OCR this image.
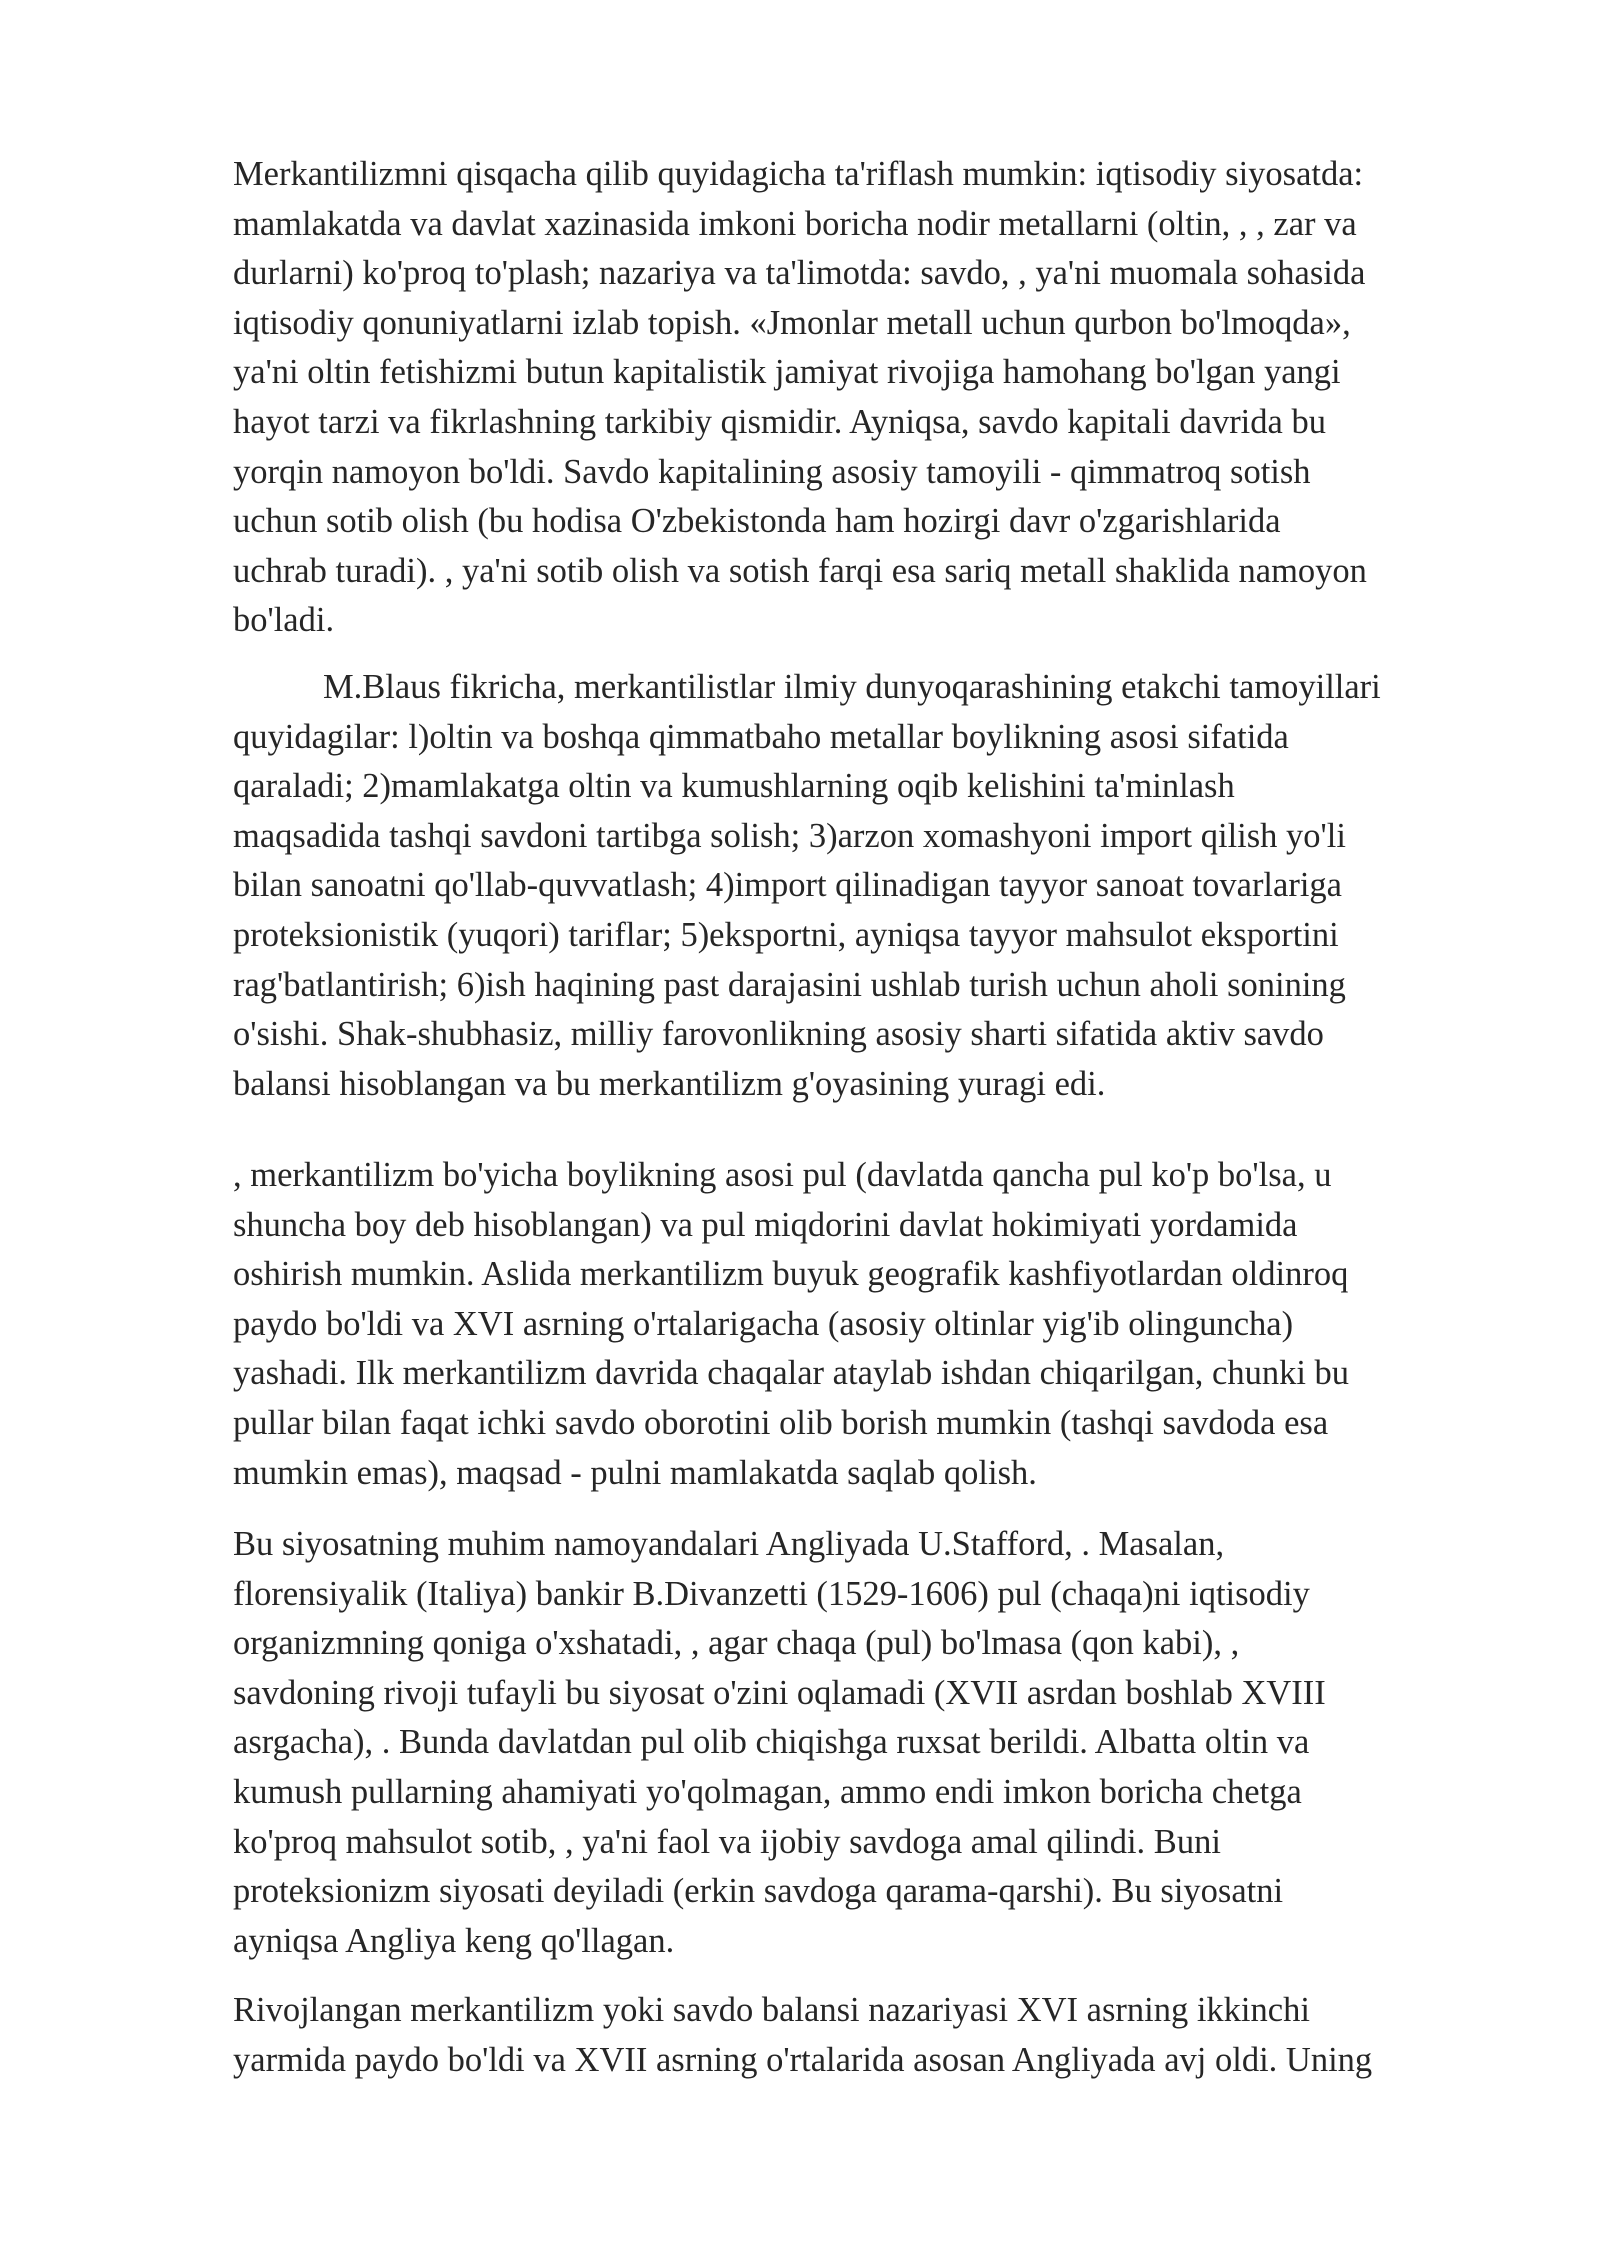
Merkantilizmni qisqacha qilib quyidagicha ta'riflash mumkin: iqtisodiy siyosatda:
mamlakatda va davlat xazinasida imkoni boricha nodir metallarni (oltin, , , zar va
durlarni) ko'proq to'plash; nazariya va ta'limotda: savdo, , ya'ni muomala sohasida
iqtisodiy qonuniyatlarni izlab topish. «Jmonlar metall uchun qurbon bo'lmoqda»,
ya'ni oltin fetishizmi butun kapitalistik jamiyat rivojiga hamohang bo'lgan yangi
hayot tarzi va fikrlashning tarkibiy qismidir. Ayniqsa, savdo kapitali davrida bu
yorqin namoyon bo'ldi. Savdo kapitalining asosiy tamoyili - qimmatroq sotish
uchun sotib olish (bu hodisa O'zbekistonda ham hozirgi davr o'zgarishlarida
uchrab turadi). , ya'ni sotib olish va sotish farqi esa sariq metall shaklida namoyon
bo'ladi.
M.Blaus fikricha, merkantilistlar ilmiy dunyoqarashining etakchi tamoyillari
quyidagilar: l)oltin va boshqa qimmatbaho metallar boylikning asosi sifatida
qaraladi; 2)mamlakatga oltin va kumushlarning oqib kelishini ta'minlash
maqsadida tashqi savdoni tartibga solish; 3)arzon xomashyoni import qilish yo'li
bilan sanoatni qo'llab-quvvatlash; 4)import qilinadigan tayyor sanoat tovarlariga
proteksionistik (yuqori) tariflar; 5)eksportni, ayniqsa tayyor mahsulot eksportini
rag'batlantirish; 6)ish haqining past darajasini ushlab turish uchun aholi sonining
o'sishi. Shak-shubhasiz, milliy farovonlikning asosiy sharti sifatida aktiv savdo
balansi hisoblangan va bu merkantilizm g'oyasining yuragi edi.
, merkantilizm bo'yicha boylikning asosi pul (davlatda qancha pul ko'p bo'lsa, u
shuncha boy deb hisoblangan) va pul miqdorini davlat hokimiyati yordamida
oshirish mumkin. Aslida merkantilizm buyuk geografik kashfiyotlardan oldinroq
paydo bo'ldi va XVI asrning o'rtalarigacha (asosiy oltinlar yig'ib olinguncha)
yashadi. Ilk merkantilizm davrida chaqalar ataylab ishdan chiqarilgan, chunki bu
pullar bilan faqat ichki savdo oborotini olib borish mumkin (tashqi savdoda esa
mumkin emas), maqsad - pulni mamlakatda saqlab qolish.
Bu siyosatning muhim namoyandalari Angliyada U.Stafford, . Masalan,
florensiyalik (Italiya) bankir B.Divanzetti (1529-1606) pul (chaqa)ni iqtisodiy
organizmning qoniga o'xshatadi, , agar chaqa (pul) bo'lmasa (qon kabi), ,
savdoning rivoji tufayli bu siyosat o'zini oqlamadi (XVII asrdan boshlab XVIII
asrgacha), . Bunda davlatdan pul olib chiqishga ruxsat berildi. Albatta oltin va
kumush pullarning ahamiyati yo'qolmagan, ammo endi imkon boricha chetga
ko'proq mahsulot sotib, , ya'ni faol va ijobiy savdoga amal qilindi. Buni
proteksionizm siyosati deyiladi (erkin savdoga qarama-qarshi). Bu siyosatni
ayniqsa Angliya keng qo'llagan.
Rivojlangan merkantilizm yoki savdo balansi nazariyasi XVI asrning ikkinchi
yarmida paydo bo'ldi va XVII asrning o'rtalarida asosan Angliyada avj oldi. Uning
